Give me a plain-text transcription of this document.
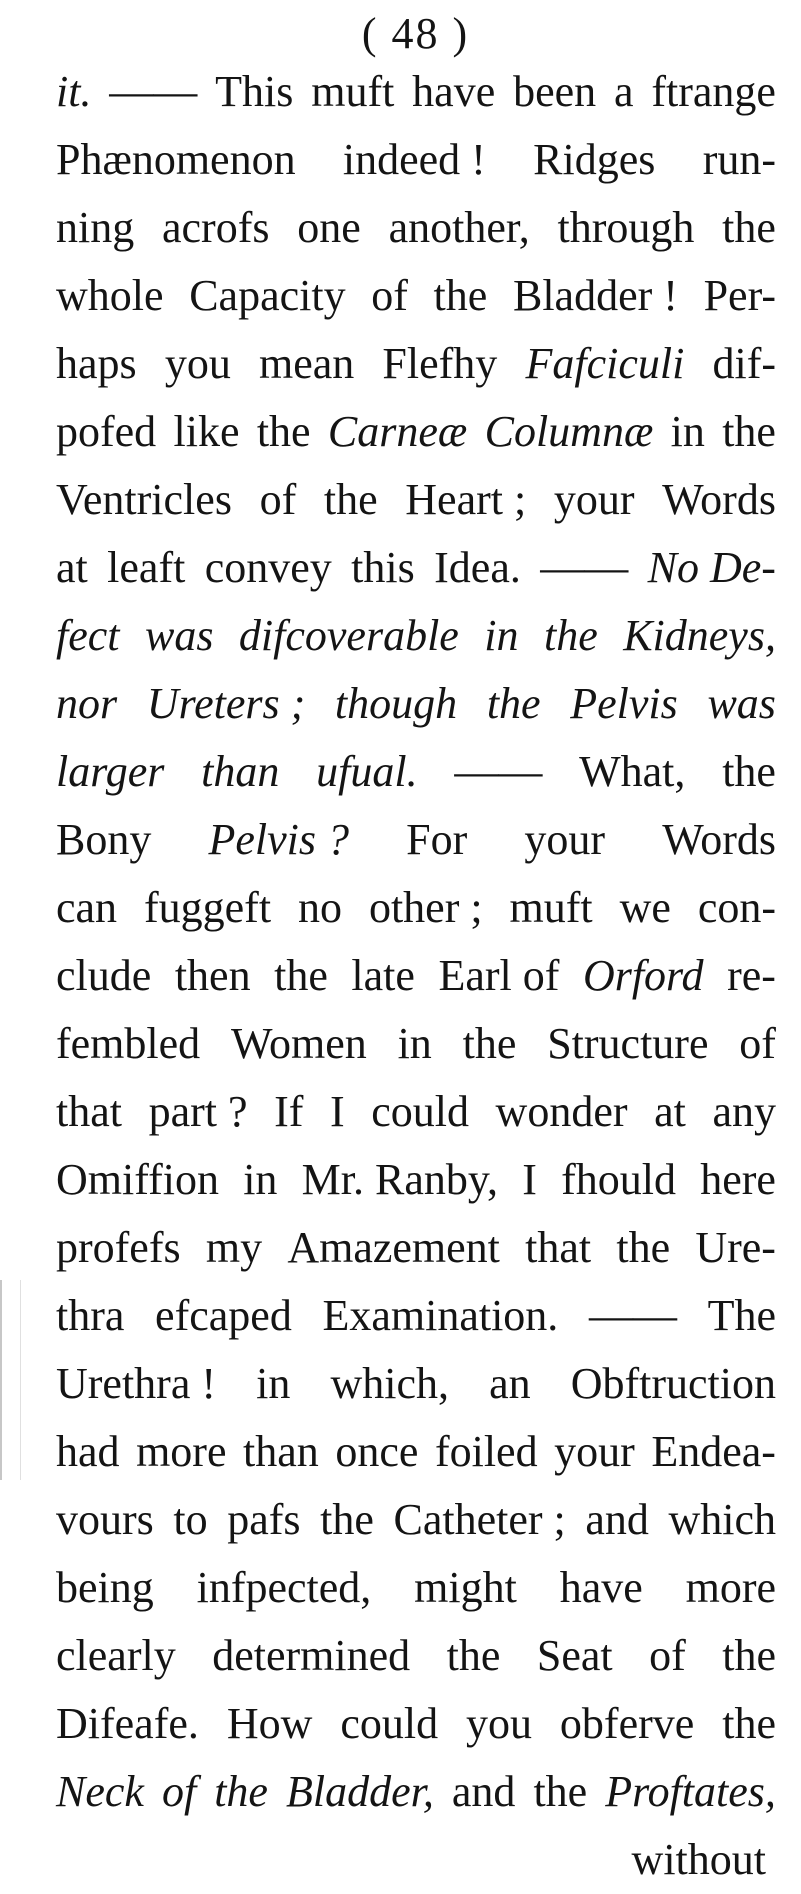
( 48 )
it. —— This muft have been a ftrange
Phænomenon indeed ! Ridges run-
ning acrofs one another, through the
whole Capacity of the Bladder ! Per-
haps you mean Flefhy Fafciculi dif-
pofed like the Carneæ Columnæ in the
Ventricles of the Heart ; your Words
at leaft convey this Idea. —— No De-
fect was difcoverable in the Kidneys,
nor Ureters ; though the Pelvis was
larger than ufual. —— What, the
Bony Pelvis ? For your Words
can fuggeft no other ; muft we con-
clude then the late Earl of Orford re-
fembled Women in the Structure of
that part ? If I could wonder at any
Omiffion in Mr. Ranby, I fhould here
profefs my Amazement that the Ure-
thra efcaped Examination. —— The
Urethra ! in which, an Obftruction
had more than once foiled your Endea-
vours to pafs the Catheter ; and which
being infpected, might have more
clearly determined the Seat of the
Difeafe. How could you obferve the
Neck of the Bladder, and the Proftates,
without
